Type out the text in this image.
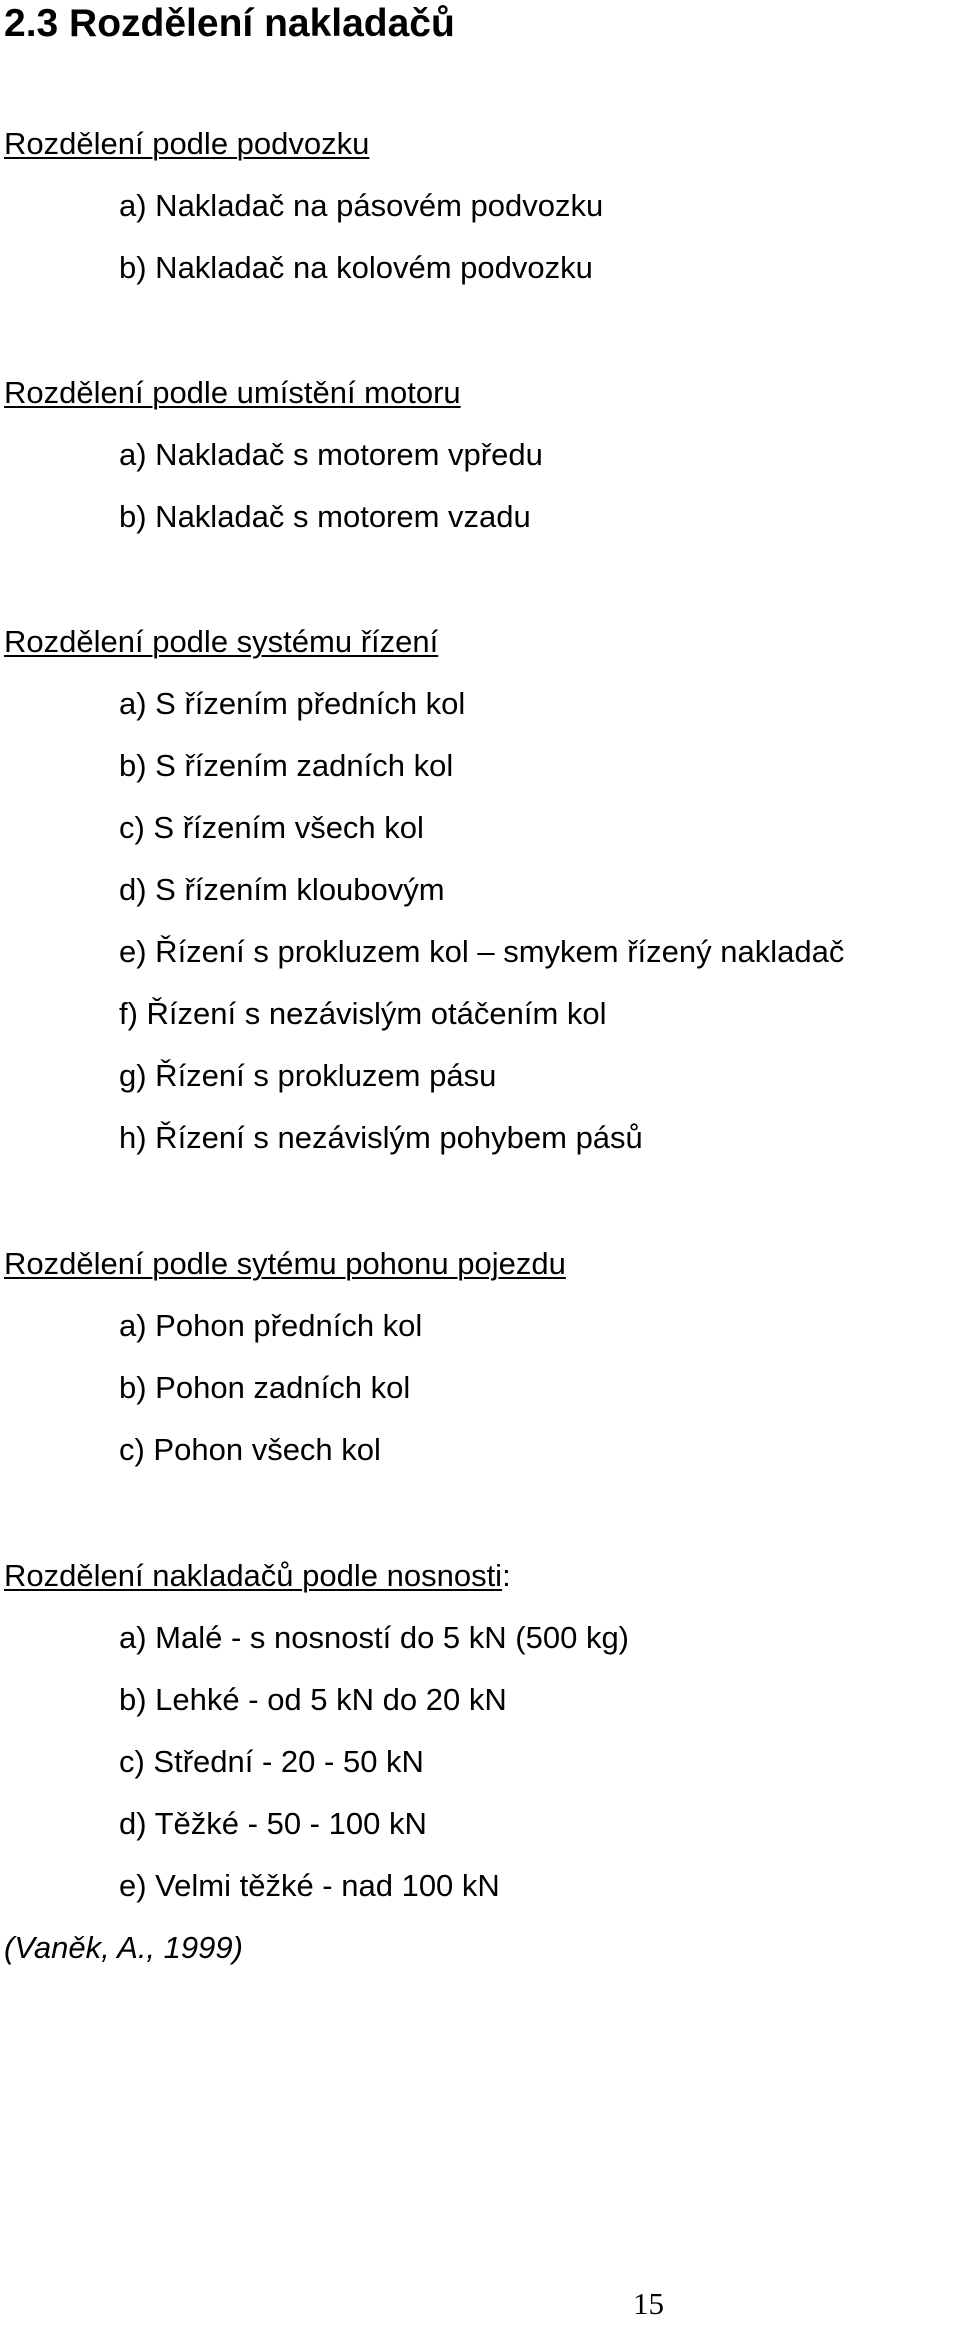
2.3 Rozdělení nakladačů
Rozdělení podle podvozku
a) Nakladač na pásovém podvozku
b) Nakladač na kolovém podvozku
Rozdělení podle umístění motoru
a) Nakladač s motorem vpředu
b) Nakladač s motorem vzadu
Rozdělení podle systému řízení
a) S řízením předních kol
b) S řízením zadních kol
c) S řízením všech kol
d) S řízením kloubovým
e) Řízení s prokluzem kol – smykem řízený nakladač
f) Řízení s nezávislým otáčením kol
g) Řízení s prokluzem pásu
h) Řízení s nezávislým pohybem pásů
Rozdělení podle sytému pohonu pojezdu
a) Pohon předních kol
b) Pohon zadních kol
c) Pohon všech kol
Rozdělení nakladačů podle nosnosti:
a) Malé - s nosností do 5 kN (500 kg)
b) Lehké - od 5 kN do 20 kN
c) Střední - 20 - 50 kN
d) Těžké - 50 - 100 kN
e) Velmi těžké - nad 100 kN
(Vaněk, A., 1999)
15
